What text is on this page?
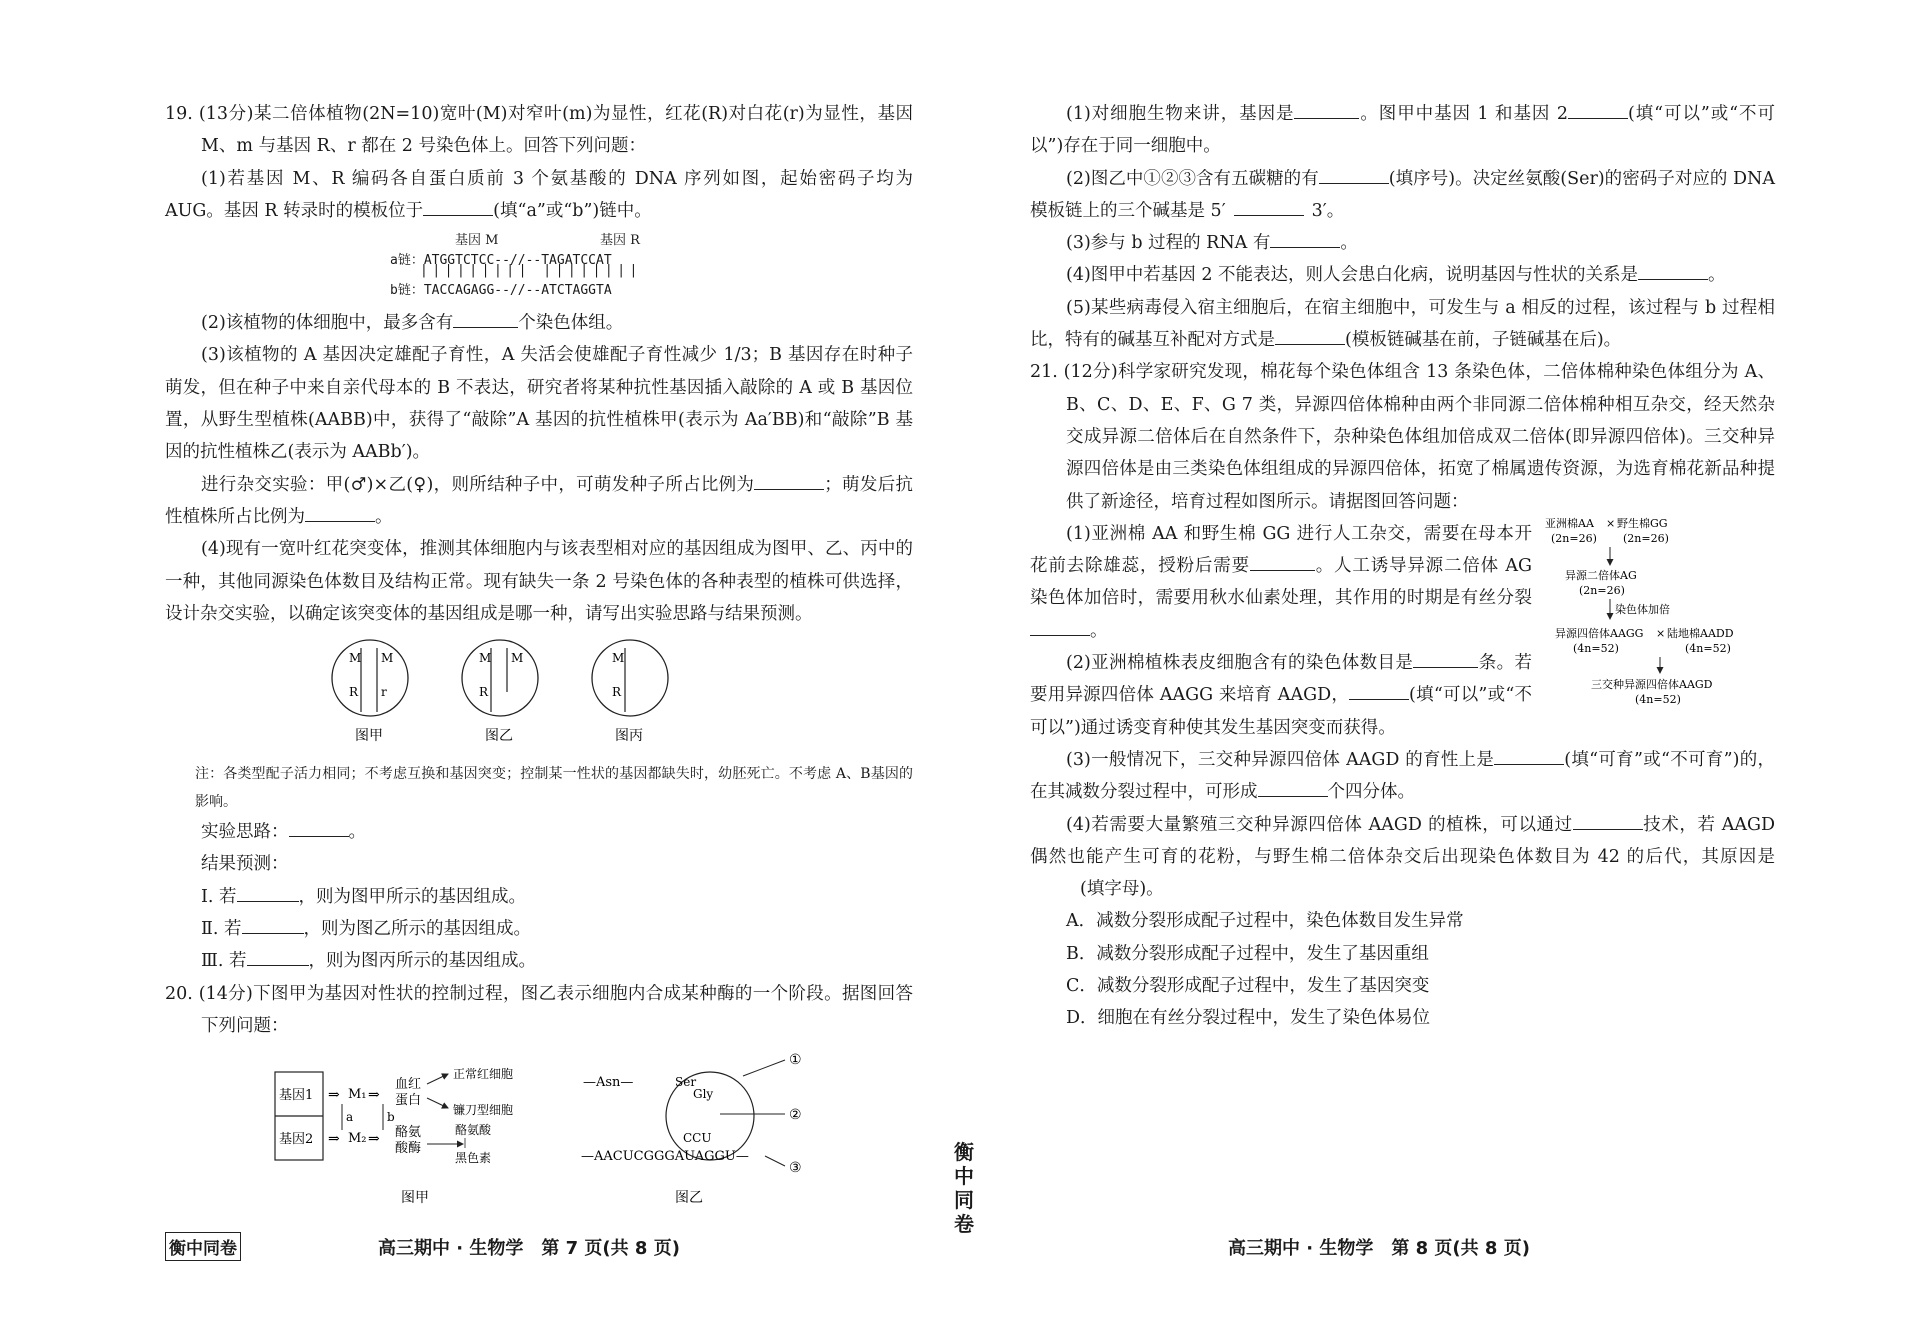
19. (13分)某二倍体植物(2N=10)宽叶(M)对窄叶(m)为显性，红花(R)对白花(r)为显性，基因 M、m 与基因 R、r 都在 2 号染色体上。回答下列问题：

(1)若基因 M、R 编码各自蛋白质前 3 个氨基酸的 DNA 序列如图，起始密码子均为 AUG。基因 R 转录时的模板位于	(填“a”或“b”)链中。

基因 M	基因 R
a链：ATGGTCTCC--//--TAGATCCAT
||||||||| ||||||||
b链：TACCAGAGG--//--ATCTAGGTA

(2)该植物的体细胞中，最多含有	个染色体组。

(3)该植物的 A 基因决定雄配子育性，A 失活会使雄配子育性减少 1/3；B 基因存在时种子萌发，但在种子中来自亲代母本的 B 不表达，研究者将某种抗性基因插入敲除的 A 或 B 基因位置，从野生型植株(AABB)中，获得了“敲除”A 基因的抗性植株甲(表示为 Aa′BB)和“敲除”B 基因的抗性植株乙(表示为 AABb′)。

进行杂交实验：甲(♂)×乙(♀)，则所结种子中，可萌发种子所占比例为	；萌发后抗性植株所占比例为	。

(4)现有一宽叶红花突变体，推测其体细胞内与该表型相对应的基因组成为图甲、乙、丙中的一种，其他同源染色体数目及结构正常。现有缺失一条 2 号染色体的各种表型的植株可供选择，设计杂交实验，以确定该突变体的基因组成是哪一种，请写出实验思路与结果预测。

M M
R r
图甲
M M
R
图乙
M
R
图丙

注：各类型配子活力相同；不考虑互换和基因突变；控制某一性状的基因都缺失时，幼胚死亡。不考虑 A、B基因的影响。

实验思路：	。

结果预测：

Ⅰ. 若	，则为图甲所示的基因组成。

Ⅱ. 若	，则为图乙所示的基因组成。

Ⅲ. 若	，则为图丙所示的基因组成。

20. (14分)下图甲为基因对性状的控制过程，图乙表示细胞内合成某种酶的一个阶段。据图回答下列问题：

基因1
基因2
⇒ M₁
⇒ M₂
a
⇒
⇒
b
血红
蛋白
酪氨
酸酶
正常红细胞
镰刀型细胞
酪氨酸
黑色素
图甲
—Asn—	Ser
Gly
CCU
—AACUCGGGAUAGGU—
①
②
③
图乙

(1)对细胞生物来讲，基因是	。图甲中基因 1 和基因 2	(填“可以”或“不可以”)存在于同一细胞中。

(2)图乙中①②③含有五碳糖的有	(填序号)。决定丝氨酸(Ser)的密码子对应的 DNA 模板链上的三个碱基是 5′	3′。

(3)参与 b 过程的 RNA 有	。

(4)图甲中若基因 2 不能表达，则人会患白化病，说明基因与性状的关系是	。

(5)某些病毒侵入宿主细胞后，在宿主细胞中，可发生与 a 相反的过程，该过程与 b 过程相比，特有的碱基互补配对方式是	(模板链碱基在前，子链碱基在后)。

21. (12分)科学家研究发现，棉花每个染色体组含 13 条染色体，二倍体棉种染色体组分为 A、B、C、D、E、F、G 7 类，异源四倍体棉种由两个非同源二倍体棉种相互杂交，经天然杂交成异源二倍体后在自然条件下，杂种染色体组加倍成双二倍体(即异源四倍体)。三交种异源四倍体是由三类染色体组组成的异源四倍体，拓宽了棉属遗传资源，为选育棉花新品种提供了新途径，培育过程如图所示。请据图回答问题：

(1)亚洲棉 AA 和野生棉 GG 进行人工杂交，需要在母本开花前去除雄蕊，授粉后需要	。人工诱导异源二倍体 AG 染色体加倍时，需要用秋水仙素处理，其作用的时期是有丝分裂。

(2)亚洲棉植株表皮细胞含有的染色体数目是	条。若要用异源四倍体 AAGG 来培育 AAGD，	(填“可以”或“不可以”)通过诱变育种使其发生基因突变而获得。

亚洲棉AA × 野生棉GG
(2n=26) (2n=26)
异源二倍体AG
(2n=26)
染色体加倍
异源四倍体AAGG × 陆地棉AADD
(4n=52)	(4n=52)
三交种异源四倍体AAGD
(4n=52)

(3)一般情况下，三交种异源四倍体 AAGD 的育性上是	(填“可育”或“不可育”)的，在其减数分裂过程中，可形成	个四分体。

(4)若需要大量繁殖三交种异源四倍体 AAGD 的植株，可以通过	技术，若 AAGD 偶然也能产生可育的花粉，与野生棉二倍体杂交后出现染色体数目为 42 的后代，其原因是(填字母)。

A．减数分裂形成配子过程中，染色体数目发生异常

B．减数分裂形成配子过程中，发生了基因重组

C．减数分裂形成配子过程中，发生了基因突变

D．细胞在有丝分裂过程中，发生了染色体易位

衡中同卷	高三期中 · 生物学　第 7 页(共 8 页)	高三期中 · 生物学　第 8 页(共 8 页)
衡中同卷
